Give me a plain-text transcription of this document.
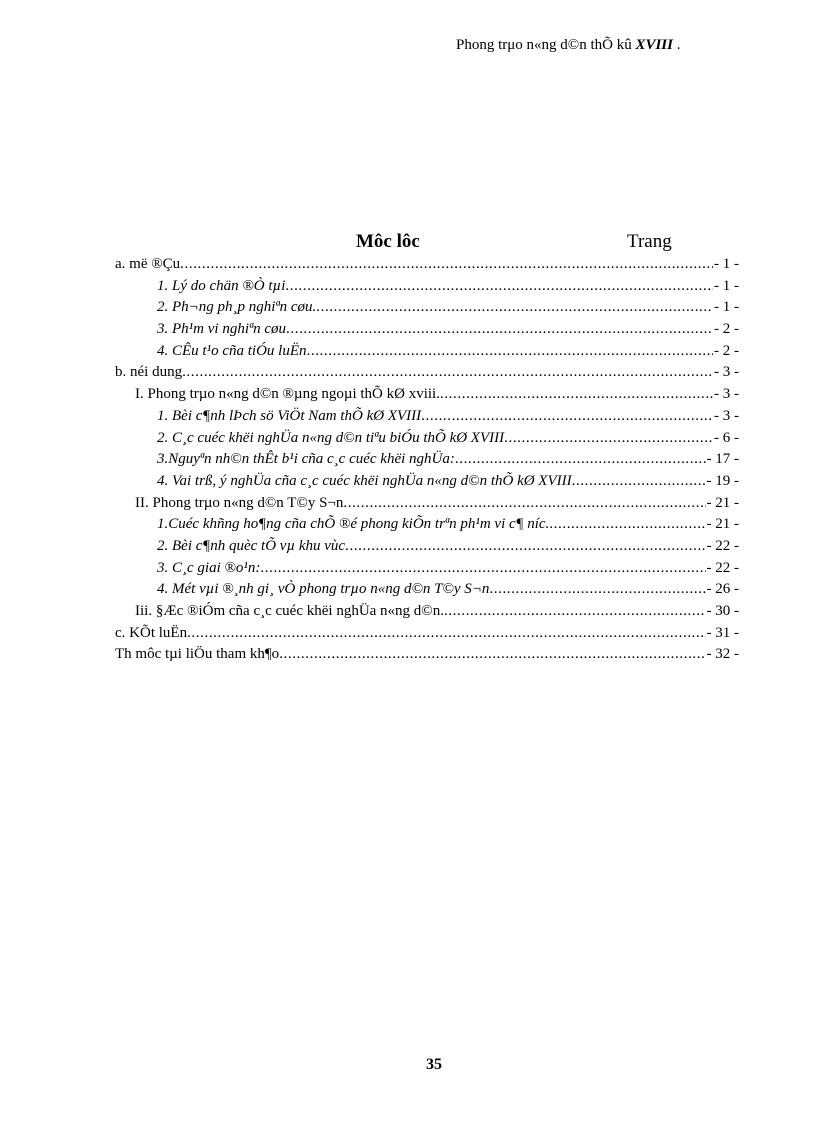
Phong trμo n«ng d©n thÕ kû XVIII .
Môc lôc	Trang
a. më ®Çu .....	- 1 -
1. Lý do chän ®Ò tµi .....	- 1 -
2. Ph¬ng ph¸p nghiªn cøu. .....	- 1 -
3. Ph¹m vi nghiªn cøu .....	- 2 -
4. CÊu t¹o cña tiÓu luËn .....	- 2 -
b. néi dung .....	- 3 -
I. Phong trµo n«ng d©n ®µng ngoµi thÕ kØ xviii. .....	- 3 -
1. Bèi c¶nh lÞch sö ViÖt Nam thÕ kØ XVIII .....	- 3 -
2. C¸c cuéc khëi nghÜa n«ng d©n tiªu biÓu thÕ kØ XVIII .....	- 6 -
3.Nguyªn nh©n thÊt b¹i cña c¸c cuéc khëi nghÜa: .....	- 17 -
4. Vai trß, ý nghÜa cña c¸c cuéc khëi nghÜa n«ng d©n thÕ kØ XVIII .....	- 19 -
II. Phong trµo n«ng d©n T©y S¬n .....	- 21 -
1.Cuéc khñng ho¶ng cña chÕ ®é phong kiÕn trªn ph¹m vi c¶ níc. .....	- 21 -
2. Bèi c¶nh quèc tÕ vµ khu vùc .....	- 22 -
3. C¸c giai ®o¹n: .....	- 22 -
4. Mét vµi ®¸nh gi¸ vÒ phong trµo n«ng d©n T©y S¬n .....	- 26 -
Iii. §Æc ®iÓm cña c¸c cuéc khëi nghÜa n«ng d©n. .....	- 30 -
c. KÕt luËn .....	- 31 -
Th môc tµi liÖu tham kh¶o .....	- 32 -
35
